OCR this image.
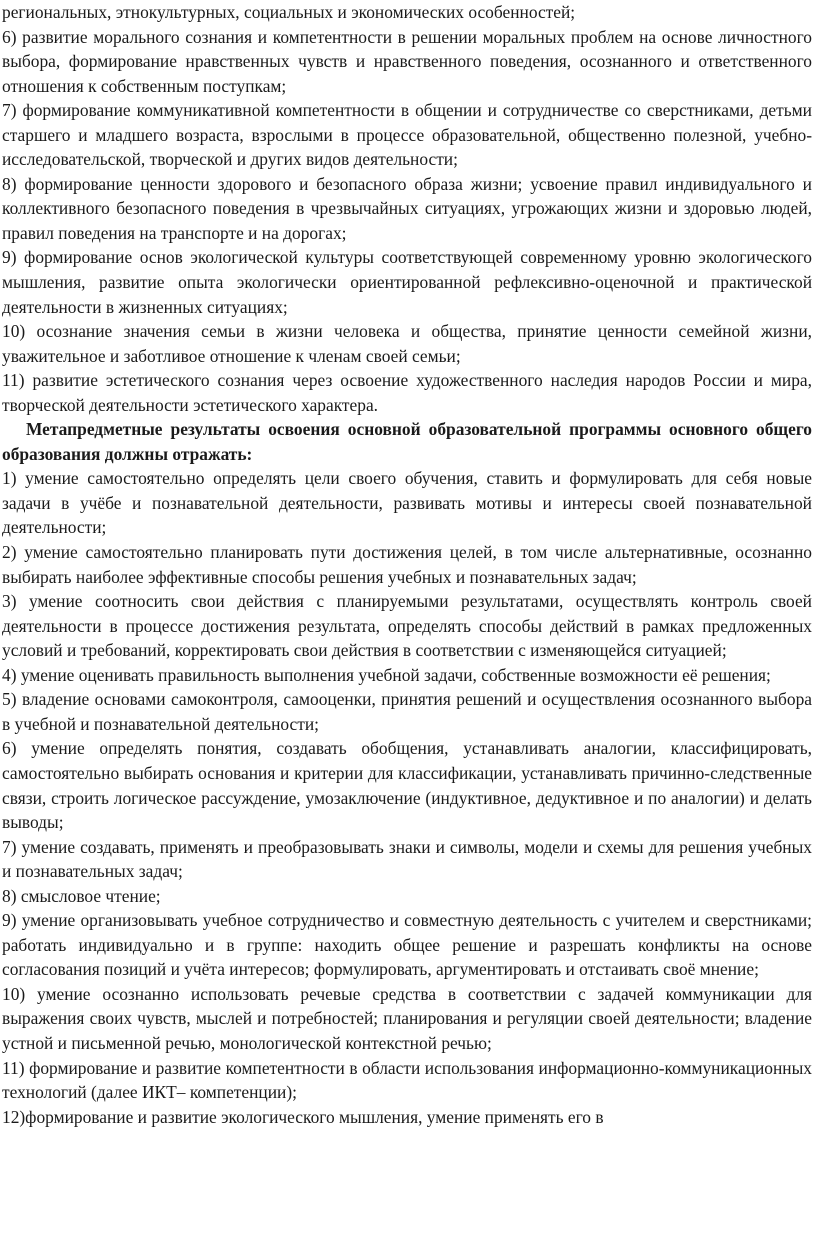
региональных, этнокультурных, социальных и экономических особенностей;

6) развитие морального сознания и компетентности в решении моральных проблем на основе личностного выбора, формирование нравственных чувств и нравственного поведения, осознанного и ответственного отношения к собственным поступкам;

7) формирование коммуникативной компетентности в общении и сотрудничестве со сверстниками, детьми старшего и младшего возраста, взрослыми в процессе образовательной, общественно полезной, учебно-исследовательской, творческой и других видов деятельности;

8) формирование ценности здорового и безопасного образа жизни; усвоение правил индивидуального и коллективного безопасного поведения в чрезвычайных ситуациях, угрожающих жизни и здоровью людей, правил поведения на транспорте и на дорогах;

9) формирование основ экологической культуры соответствующей современному уровню экологического мышления, развитие опыта экологически ориентированной рефлексивно-оценочной и практической деятельности в жизненных ситуациях;

10) осознание значения семьи в жизни человека и общества, принятие ценности семейной жизни, уважительное и заботливое отношение к членам своей семьи;

11) развитие эстетического сознания через освоение художественного наследия народов России и мира, творческой деятельности эстетического характера.

Метапредметные результаты освоения основной образовательной программы основного общего образования должны отражать:

1) умение самостоятельно определять цели своего обучения, ставить и формулировать для себя новые задачи в учёбе и познавательной деятельности, развивать мотивы и интересы своей познавательной деятельности;

2) умение самостоятельно планировать пути достижения целей, в том числе альтернативные, осознанно выбирать наиболее эффективные способы решения учебных и познавательных задач;

3) умение соотносить свои действия с планируемыми результатами, осуществлять контроль своей деятельности в процессе достижения результата, определять способы действий в рамках предложенных условий и требований, корректировать свои действия в соответствии с изменяющейся ситуацией;

4) умение оценивать правильность выполнения учебной задачи, собственные возможности её решения;

5) владение основами самоконтроля, самооценки, принятия решений и осуществления осознанного выбора в учебной и познавательной деятельности;

6) умение определять понятия, создавать обобщения, устанавливать аналогии, классифицировать, самостоятельно выбирать основания и критерии для классификации, устанавливать причинно-следственные связи, строить логическое рассуждение, умозаключение (индуктивное, дедуктивное и по аналогии) и делать выводы;

7) умение создавать, применять и преобразовывать знаки и символы, модели и схемы для решения учебных и познавательных задач;

8) смысловое чтение;

9) умение организовывать учебное сотрудничество и совместную деятельность с учителем и сверстниками; работать индивидуально и в группе: находить общее решение и разрешать конфликты на основе согласования позиций и учёта интересов; формулировать, аргументировать и отстаивать своё мнение;

10) умение осознанно использовать речевые средства в соответствии с задачей коммуникации для выражения своих чувств, мыслей и потребностей; планирования и регуляции своей деятельности; владение устной и письменной речью, монологической контекстной речью;

11) формирование и развитие компетентности в области использования информационно-коммуникационных технологий (далее ИКТ– компетенции);

12)формирование и развитие экологического мышления, умение применять его в
